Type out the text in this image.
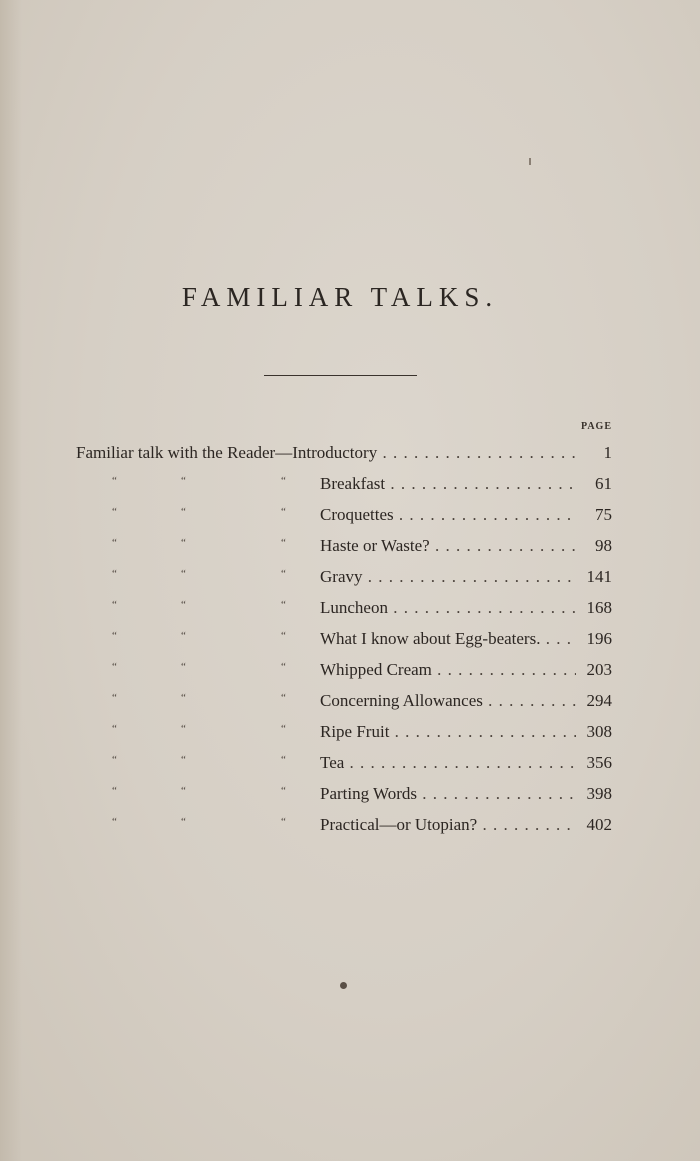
FAMILIAR TALKS.
PAGE
Familiar talk with the Reader—Introductory . . .	1
“	“	“ Breakfast . . .	61
“	“	“ Croquettes . . .	75
“	“	“ Haste or Waste? . . .	98
“	“	“ Gravy . . .	141
“	“	“ Luncheon . . .	168
“	“	“ What I know about Egg-beaters. . . .	196
“	“	“ Whipped Cream . . .	203
“	“	“ Concerning Allowances . . .	294
“	“	“ Ripe Fruit . . .	308
“	“	“ Tea . . .	356
“	“	“ Parting Words . . .	398
“	“	“ Practical—or Utopian? . . .	402
